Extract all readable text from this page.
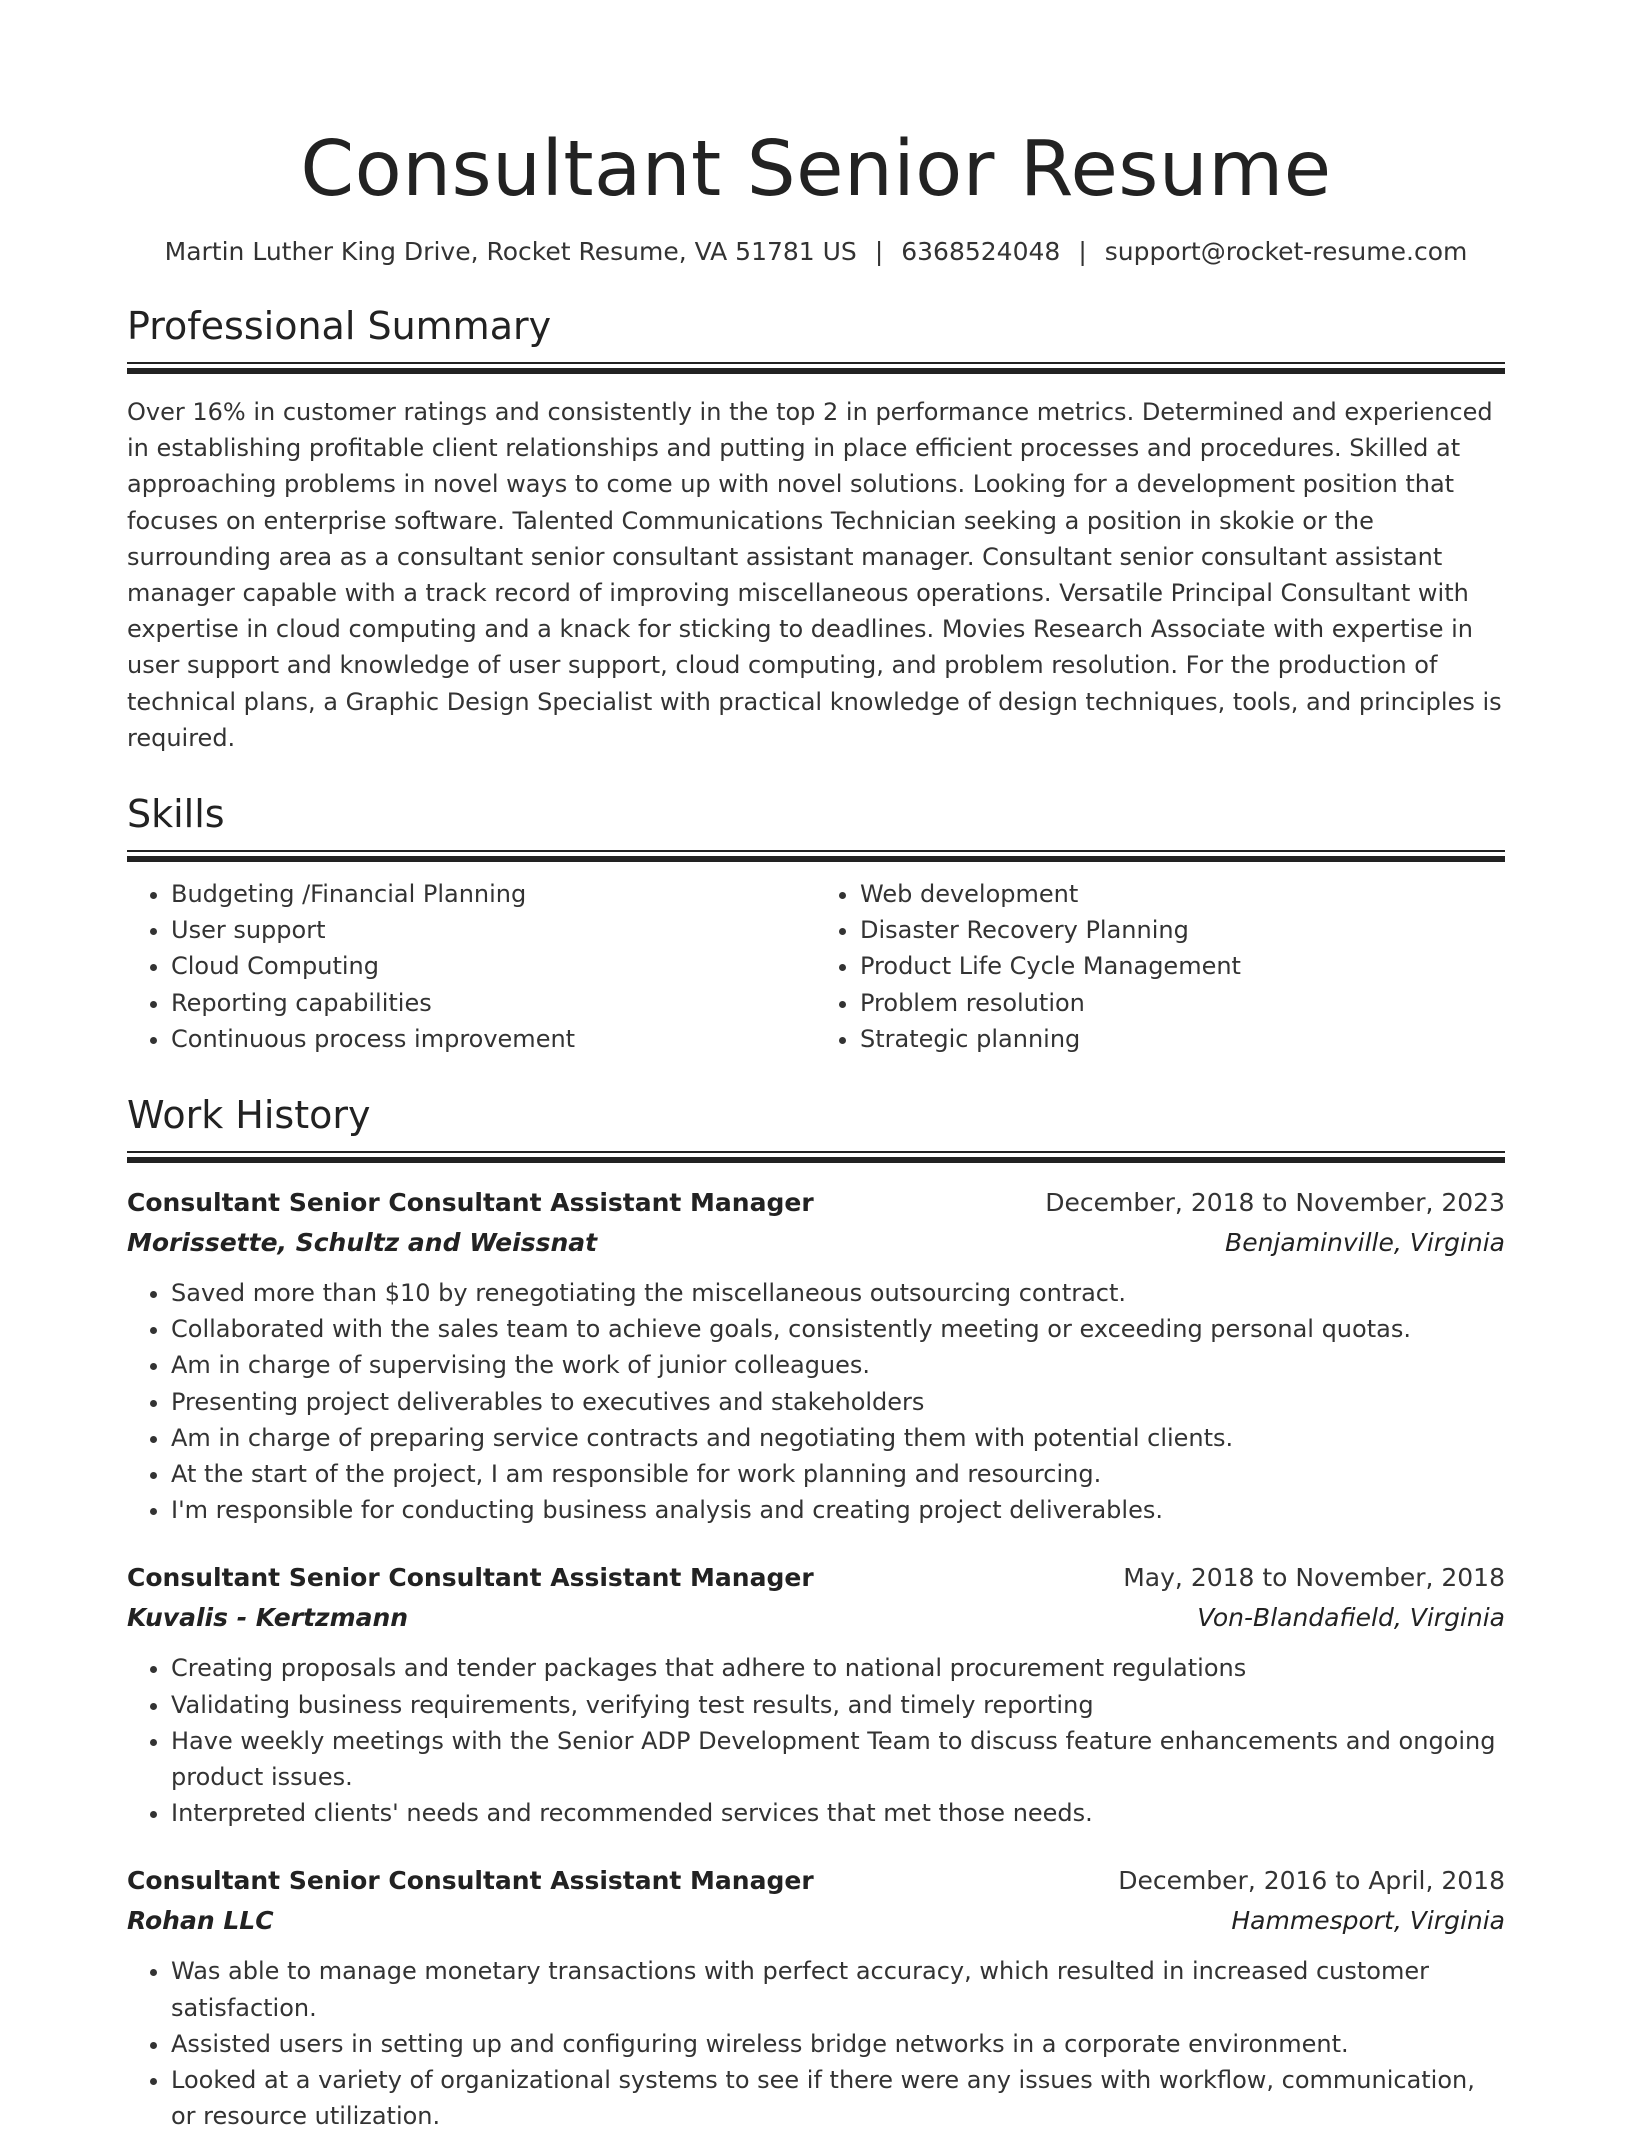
Consultant Senior Resume
Martin Luther King Drive, Rocket Resume, VA 51781 US | 6368524048 | support@rocket-resume.com
Professional Summary

Over 16% in customer ratings and consistently in the top 2 in performance metrics. Determined and experienced in establishing profitable client relationships and putting in place efficient processes and procedures. Skilled at approaching problems in novel ways to come up with novel solutions. Looking for a development position that focuses on enterprise software. Talented Communications Technician seeking a position in skokie or the surrounding area as a consultant senior consultant assistant manager. Consultant senior consultant assistant manager capable with a track record of improving miscellaneous operations. Versatile Principal Consultant with expertise in cloud computing and a knack for sticking to deadlines. Movies Research Associate with expertise in user support and knowledge of user support, cloud computing, and problem resolution. For the production of technical plans, a Graphic Design Specialist with practical knowledge of design techniques, tools, and principles is required.

Skills
• Budgeting /Financial Planning
• User support
• Cloud Computing
• Reporting capabilities
• Continuous process improvement
• Web development
• Disaster Recovery Planning
• Product Life Cycle Management
• Problem resolution
• Strategic planning
Work History
Consultant Senior Consultant Assistant Manager	December, 2018 to November, 2023
Morissette, Schultz and Weissnat	Benjaminville, Virginia
• Saved more than $10 by renegotiating the miscellaneous outsourcing contract.
• Collaborated with the sales team to achieve goals, consistently meeting or exceeding personal quotas.
• Am in charge of supervising the work of junior colleagues.
• Presenting project deliverables to executives and stakeholders
• Am in charge of preparing service contracts and negotiating them with potential clients.
• At the start of the project, I am responsible for work planning and resourcing.
• I'm responsible for conducting business analysis and creating project deliverables.
Consultant Senior Consultant Assistant Manager	May, 2018 to November, 2018
Kuvalis - Kertzmann	Von-Blandafield, Virginia
• Creating proposals and tender packages that adhere to national procurement regulations
• Validating business requirements, verifying test results, and timely reporting
• Have weekly meetings with the Senior ADP Development Team to discuss feature enhancements and ongoing product issues.
• Interpreted clients' needs and recommended services that met those needs.
Consultant Senior Consultant Assistant Manager	December, 2016 to April, 2018
Rohan LLC	Hammesport, Virginia
• Was able to manage monetary transactions with perfect accuracy, which resulted in increased customer satisfaction.
• Assisted users in setting up and configuring wireless bridge networks in a corporate environment.
• Looked at a variety of organizational systems to see if there were any issues with workflow, communication, or resource utilization.
